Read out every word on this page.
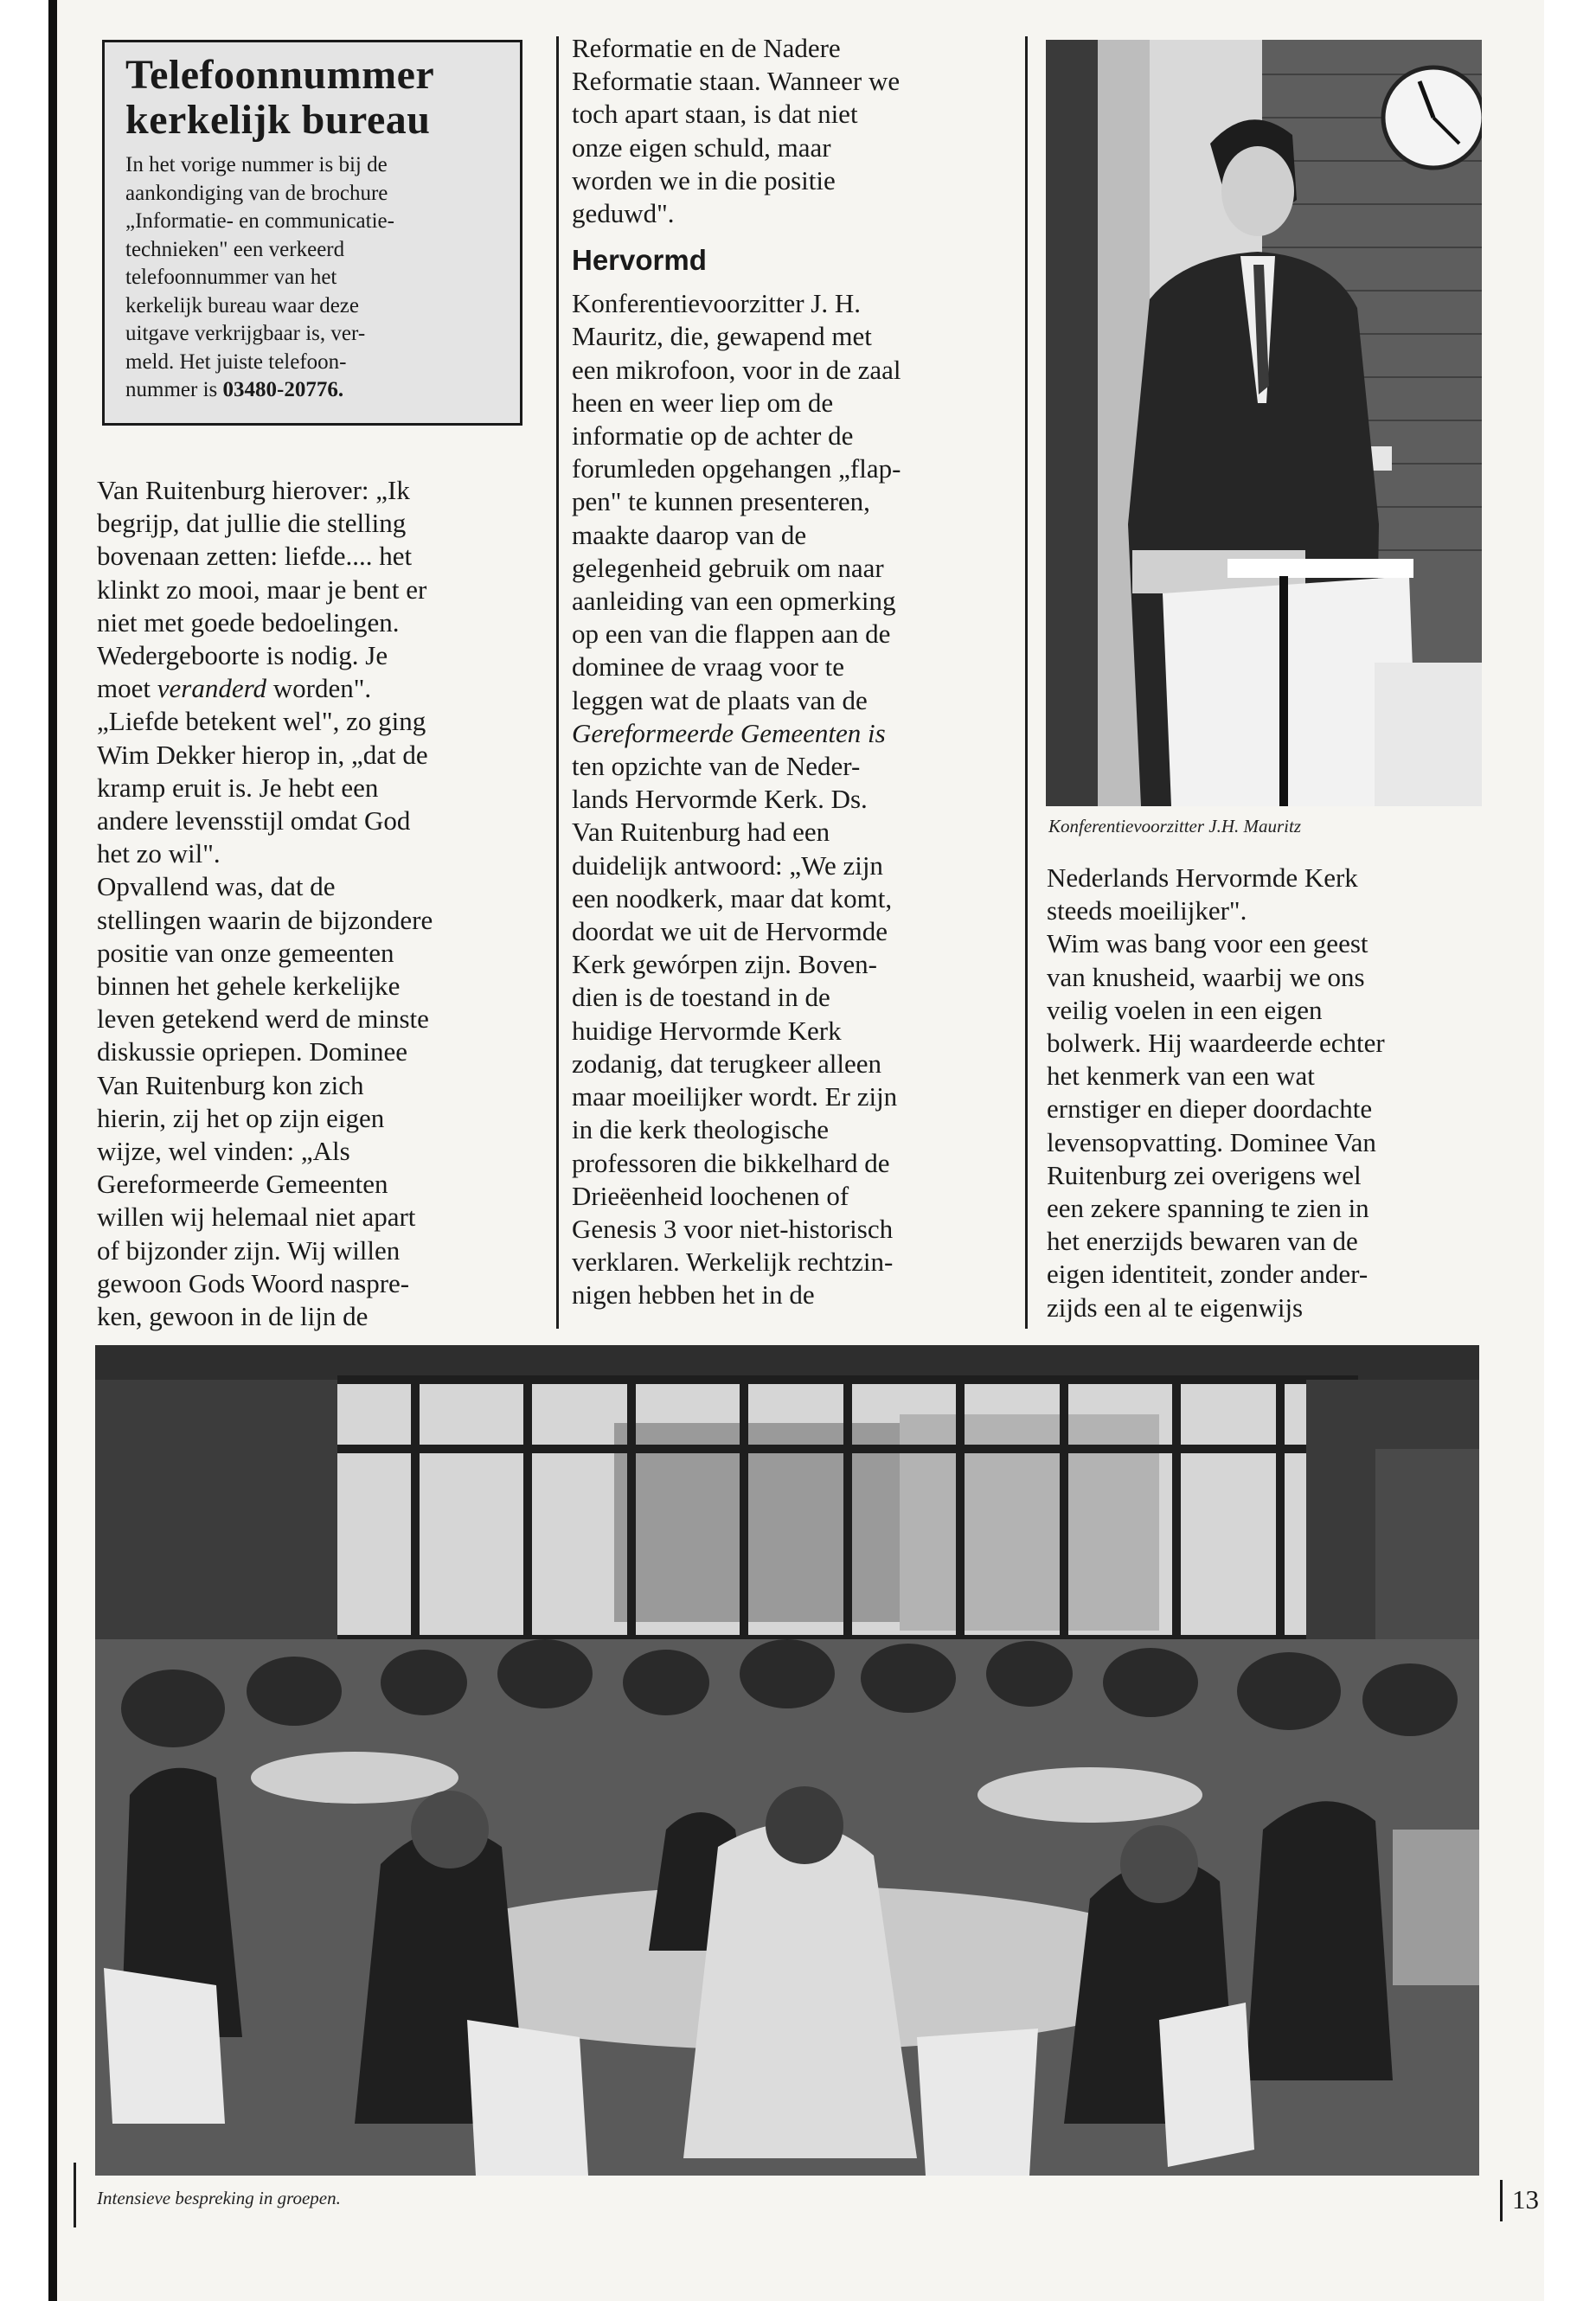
Telefoonnummer
kerkelijk bureau
In het vorige nummer is bij de
aankondiging van de brochure
„Informatie- en communicatie-
technieken" een verkeerd
telefoonnummer van het
kerkelijk bureau waar deze
uitgave verkrijgbaar is, ver-
meld. Het juiste telefoon-
nummer is 03480-20776.

Van Ruitenburg hierover: „Ik
begrijp, dat jullie die stelling
bovenaan zetten: liefde.... het
klinkt zo mooi, maar je bent er
niet met goede bedoelingen.
Wedergeboorte is nodig. Je
moet veranderd worden".
„Liefde betekent wel", zo ging
Wim Dekker hierop in, „dat de
kramp eruit is. Je hebt een
andere levensstijl omdat God
het zo wil".

Opvallend was, dat de
stellingen waarin de bijzondere
positie van onze gemeenten
binnen het gehele kerkelijke
leven getekend werd de minste
diskussie opriepen. Dominee
Van Ruitenburg kon zich
hierin, zij het op zijn eigen
wijze, wel vinden: „Als
Gereformeerde Gemeenten
willen wij helemaal niet apart
of bijzonder zijn. Wij willen
gewoon Gods Woord naspre-
ken, gewoon in de lijn de

Reformatie en de Nadere
Reformatie staan. Wanneer we
toch apart staan, is dat niet
onze eigen schuld, maar
worden we in die positie
geduwd".

Hervormd

Konferentievoorzitter J. H.
Mauritz, die, gewapend met
een mikrofoon, voor in de zaal
heen en weer liep om de
informatie op de achter de
forumleden opgehangen „flap-
pen" te kunnen presenteren,
maakte daarop van de
gelegenheid gebruik om naar
aanleiding van een opmerking
op een van die flappen aan de
dominee de vraag voor te
leggen wat de plaats van de
Gereformeerde Gemeenten is
ten opzichte van de Neder-
lands Hervormde Kerk. Ds.
Van Ruitenburg had een
duidelijk antwoord: „We zijn
een noodkerk, maar dat komt,
doordat we uit de Hervormde
Kerk gewórpen zijn. Boven-
dien is de toestand in de
huidige Hervormde Kerk
zodanig, dat terugkeer alleen
maar moeilijker wordt. Er zijn
in die kerk theologische
professoren die bikkelhard de
Drieëenheid loochenen of
Genesis 3 voor niet-historisch
verklaren. Werkelijk rechtzin-
nigen hebben het in de

Konferentievoorzitter J.H. Mauritz

Nederlands Hervormde Kerk
steeds moeilijker".
Wim was bang voor een geest
van knusheid, waarbij we ons
veilig voelen in een eigen
bolwerk. Hij waardeerde echter
het kenmerk van een wat
ernstiger en dieper doordachte
levensopvatting. Dominee Van
Ruitenburg zei overigens wel
een zekere spanning te zien in
het enerzijds bewaren van de
eigen identiteit, zonder ander-
zijds een al te eigenwijs

Intensieve bespreking in groepen.	13
